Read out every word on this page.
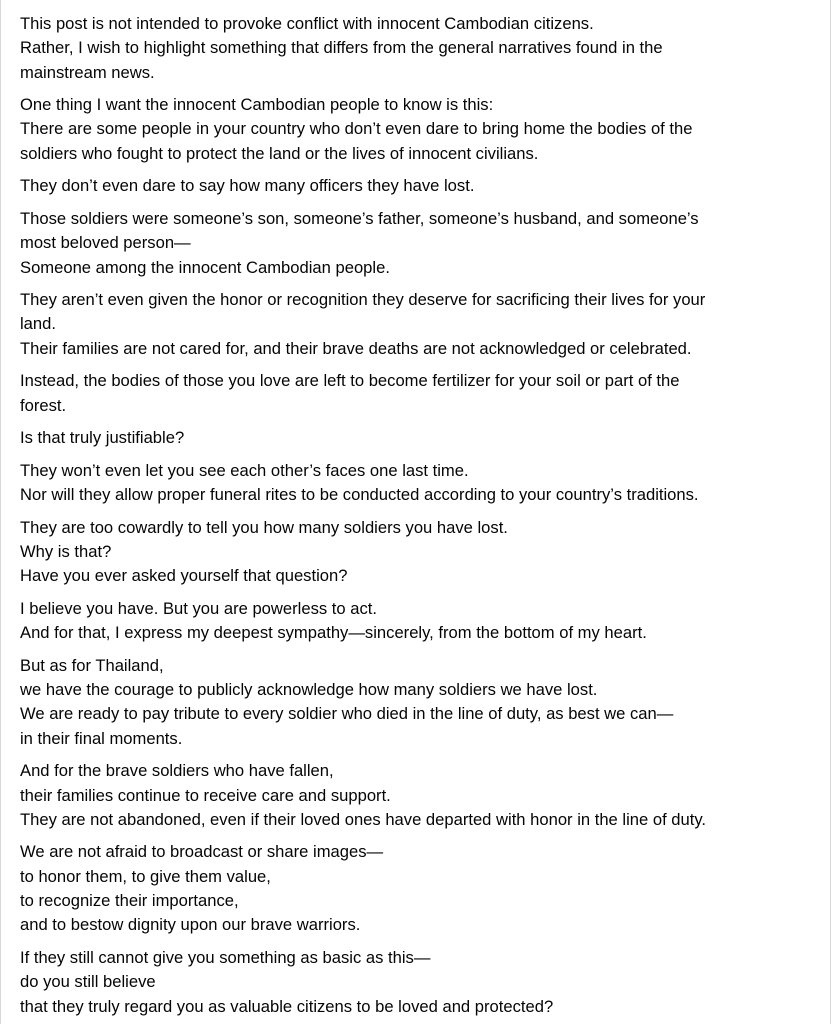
This post is not intended to provoke conflict with innocent Cambodian citizens.
Rather, I wish to highlight something that differs from the general narratives found in the
mainstream news.
One thing I want the innocent Cambodian people to know is this:
There are some people in your country who don’t even dare to bring home the bodies of the
soldiers who fought to protect the land or the lives of innocent civilians.
They don’t even dare to say how many officers they have lost.
Those soldiers were someone’s son, someone’s father, someone’s husband, and someone’s
most beloved person—
Someone among the innocent Cambodian people.
They aren’t even given the honor or recognition they deserve for sacrificing their lives for your
land.
Their families are not cared for, and their brave deaths are not acknowledged or celebrated.
Instead, the bodies of those you love are left to become fertilizer for your soil or part of the
forest.
Is that truly justifiable?
They won’t even let you see each other’s faces one last time.
Nor will they allow proper funeral rites to be conducted according to your country’s traditions.
They are too cowardly to tell you how many soldiers you have lost.
Why is that?
Have you ever asked yourself that question?
I believe you have. But you are powerless to act.
And for that, I express my deepest sympathy—sincerely, from the bottom of my heart.
But as for Thailand,
we have the courage to publicly acknowledge how many soldiers we have lost.
We are ready to pay tribute to every soldier who died in the line of duty, as best we can—
in their final moments.
And for the brave soldiers who have fallen,
their families continue to receive care and support.
They are not abandoned, even if their loved ones have departed with honor in the line of duty.
We are not afraid to broadcast or share images—
to honor them, to give them value,
to recognize their importance,
and to bestow dignity upon our brave warriors.
If they still cannot give you something as basic as this—
do you still believe
that they truly regard you as valuable citizens to be loved and protected?
